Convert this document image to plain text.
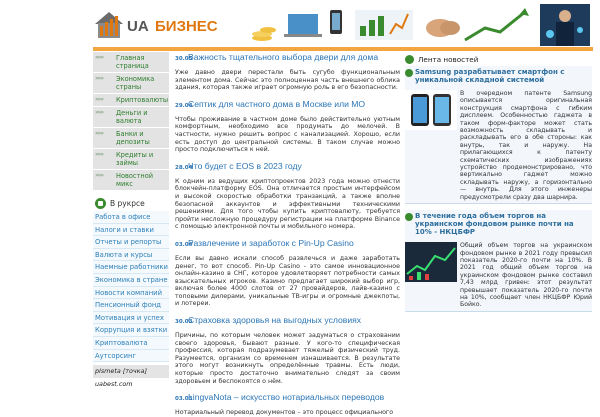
UA БИЗНЕС
»»»	Главная страница
»»»	Экономика страны
»»»	Криптовалюты
»»»	Деньги и валюта
»»»	Банки и депозиты
»»»	Кредиты и займы
»»»	Новостной микс
В рукрсе
Работа в офисе
Налоги и ставки
Отчеты и репорты
Валюта и курсы
Наемные работники
Экономика в стране
Новости компаний
Пенсионный фонд
Мотивация и успех
Коррупция и взятки
Криптовалюта
Аутсорсинг
plsmeta [точка] uabest.com
30.05
Важность тщательного выбора двери для дома
Уже давно двери перестали быть сугубо функциональным элементом дома. Сейчас это полноценная часть внешнего облика здания, которая также играет огромную роль в его безопасности.
29.04
Септик для частного дома в Москве или МО
Чтобы проживание в частном доме было действительно уютным комфортным, необходимо все продумать до мелочей. В частности, нужно решить вопрос с канализацией. Хорошо, если есть доступ до центральной системы. В таком случае можно просто подключиться к ней.
28.04
Что будет с EOS в 2023 году
К одним из ведущих криптопроектов 2023 года можно отнести блокчейн-платформу EOS. Она отличается простым интерфейсом и высокой скоростью обработки транзакций, а также вполне безопасной аккаунтов и эффективными техническими решениями. Для того чтобы купить криптовалюту, требуется пройти несложную процедуру регистрации на платформе Binance с помощью электронной почты и мобильного номера.
03.04
Развлечение и заработок с Pin-Up Casino
Если вы давно искали способ развлечься и даже заработать денег, то вот способ. Pin-Up Casino - это самое инновационное онлайн-казино в СНГ, которое удовлетворяет потребности самых взыскательных игроков. Казино предлагает широкий выбор игр, включая более 4000 слотов от 27 провайдеров, лайв-казино с топовыми дилерами, уникальные ТВ-игры и огромные джекпоты, и лотереи.
30.03
Страховка здоровья на выгодных условиях
Причины, по которым человек может задуматься о страховании своего здоровья, бывают разные. У кого-то специфическая профессия, которая подразумевает тяжелый физический труд. Разумеется, организм со временем изнашивается. В результате этого могут возникнуть определённые травмы. Есть люди, которые просто достаточно внимательно следят за своим здоровьем и беспокоятся о нём.
03.03
LingvaNota – искусство нотариальных переводов
Нотариальный перевод документов – это процесс официального
Лента новостей
Samsung разрабатывает смартфон с уникальной складной системой
В очередном патенте Samsung описывается оригинальная конструкция смартфона с гибким дисплеем. Особенностью гаджета в таком форм-факторе может стать возможность складывать и раскладывать его в обе стороны: как внутрь, так и наружу. На прилагающихся к патенту схематических изображениях устройство продемонстрировано, что вертикально гаджет можно складывать наружу, а горизонтально — внутрь. Для этого инженеры предусмотрели сразу два шарнира.
В течение года объем торгов на украинском фондовом рынке почти на 10% - НКЦБФР
Общий объем торгов на украинском фондовом рынке в 2021 году превысил показатель 2020-го почти на 10%. В 2021 год общий объем торгов на украинском фондовом рынке составил 7,43 млрд гривен: этот результат превышает показатель 2020-го почти на 10%, сообщает член НКЦБФР Юрий Бойко.
